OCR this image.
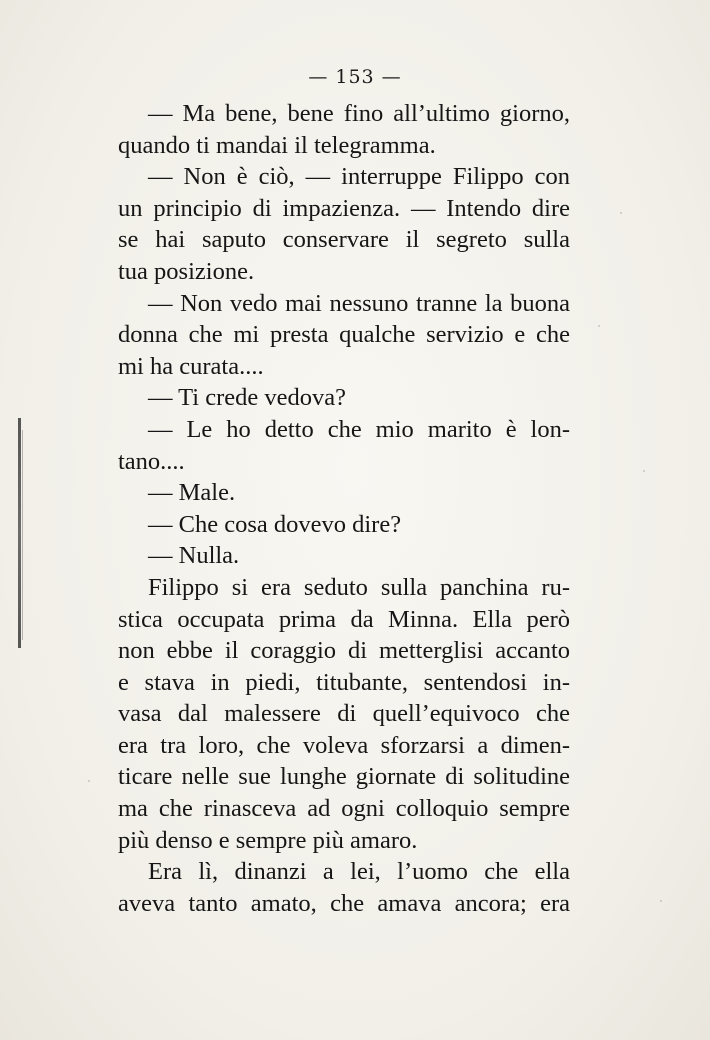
— 153 —
— Ma bene, bene fino all’ultimo giorno,
quando ti mandai il telegramma.
— Non è ciò, — interruppe Filippo con
un principio di impazienza. — Intendo dire
se hai saputo conservare il segreto sulla
tua posizione.
— Non vedo mai nessuno tranne la buona
donna che mi presta qualche servizio e che
mi ha curata....
— Ti crede vedova?
— Le ho detto che mio marito è lon-
tano....
— Male.
— Che cosa dovevo dire?
— Nulla.
Filippo si era seduto sulla panchina ru-
stica occupata prima da Minna. Ella però
non ebbe il coraggio di metterglisi accanto
e stava in piedi, titubante, sentendosi in-
vasa dal malessere di quell’equivoco che
era tra loro, che voleva sforzarsi a dimen-
ticare nelle sue lunghe giornate di solitudine
ma che rinasceva ad ogni colloquio sempre
più denso e sempre più amaro.
Era lì, dinanzi a lei, l’uomo che ella
aveva tanto amato, che amava ancora; era
